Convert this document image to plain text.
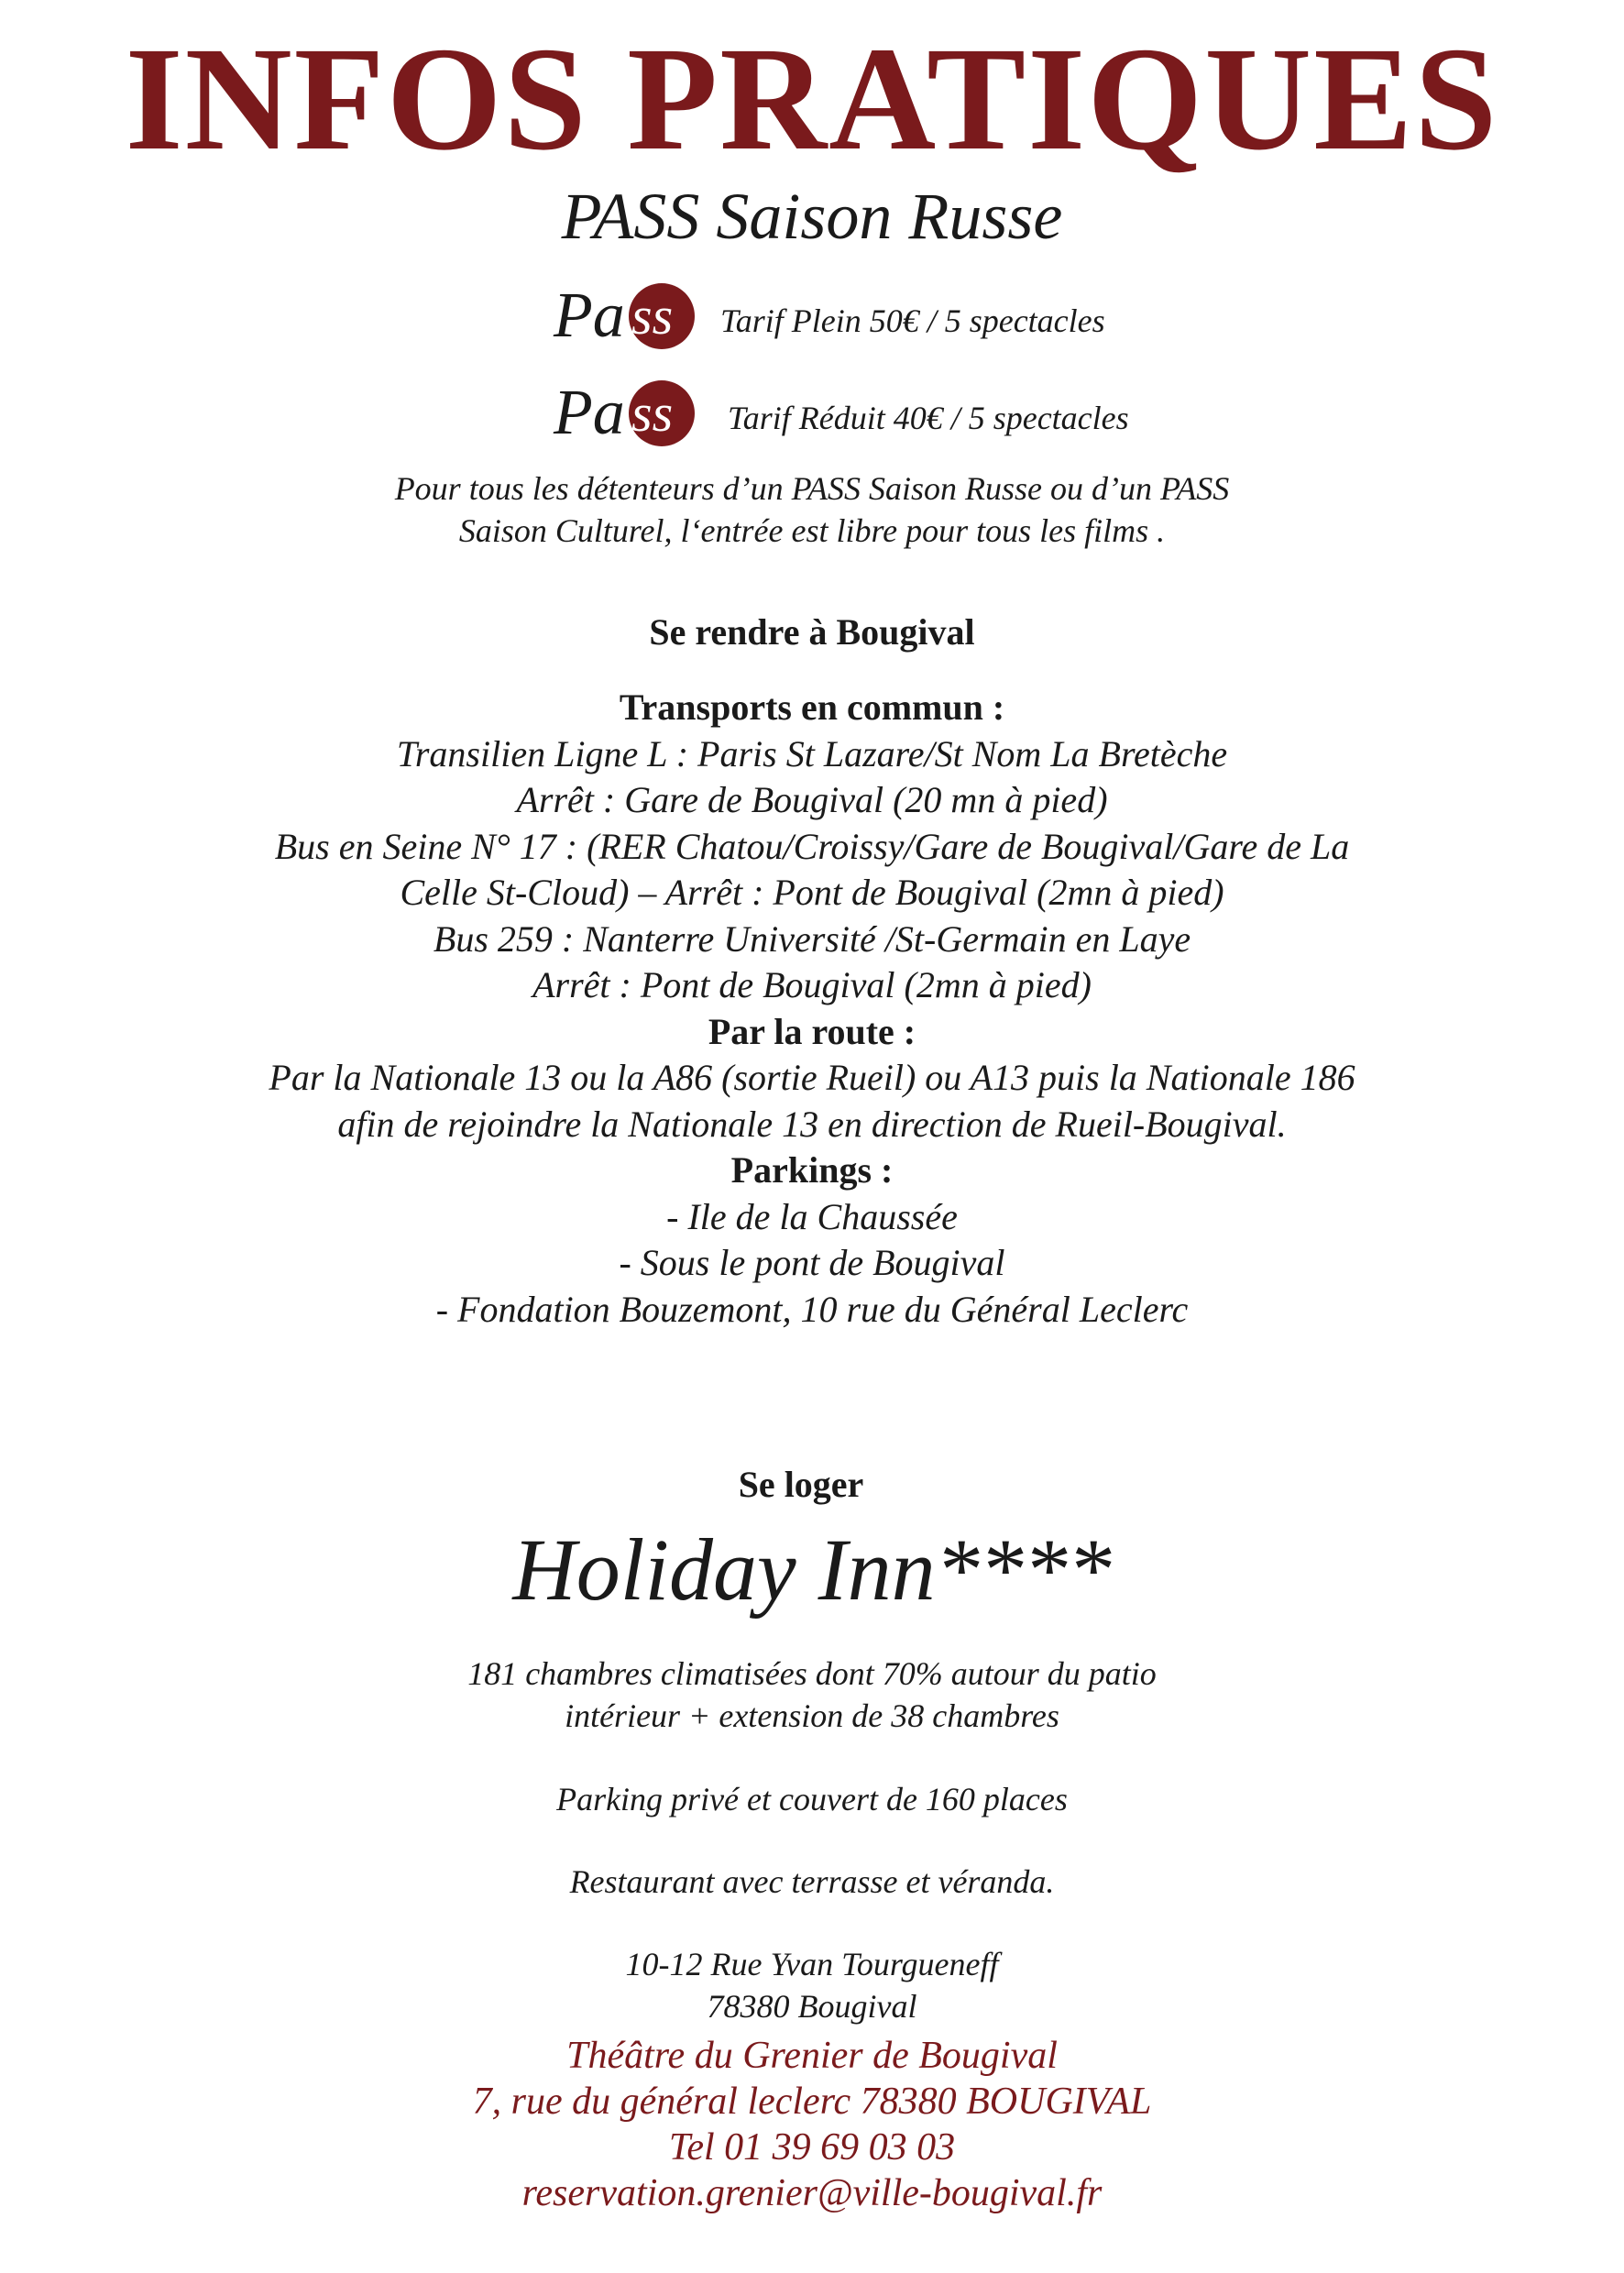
INFOS PRATIQUES
PASS Saison Russe
Pa ss Tarif Plein 50€ / 5 spectacles
Pa ss Tarif Réduit 40€ / 5 spectacles
Pour tous les détenteurs d’un PASS Saison Russe ou d’un PASS
Saison Culturel, l‘entrée est libre pour tous les films .
Se rendre à Bougival
Transports en commun :
Transilien Ligne L : Paris St Lazare/St Nom La Bretèche
Arrêt : Gare de Bougival (20 mn à pied)
Bus en Seine N° 17 : (RER Chatou/Croissy/Gare de Bougival/Gare de La
Celle St-Cloud) – Arrêt : Pont de Bougival (2mn à pied)
Bus 259 : Nanterre Université /St-Germain en Laye
Arrêt : Pont de Bougival (2mn à pied)
Par la route :
Par la Nationale 13 ou la A86 (sortie Rueil) ou A13 puis la Nationale 186
afin de rejoindre la Nationale 13 en direction de Rueil-Bougival.
Parkings :
- Ile de la Chaussée
- Sous le pont de Bougival
- Fondation Bouzemont, 10 rue du Général Leclerc
Se loger
Holiday Inn****
181 chambres climatisées dont 70% autour du patio
intérieur + extension de 38 chambres
Parking privé et couvert de 160 places
Restaurant avec terrasse et véranda.
10-12 Rue Yvan Tourgueneff
78380 Bougival
Théâtre du Grenier de Bougival
7, rue du général leclerc 78380 BOUGIVAL
Tel 01 39 69 03 03
reservation.grenier@ville-bougival.fr
